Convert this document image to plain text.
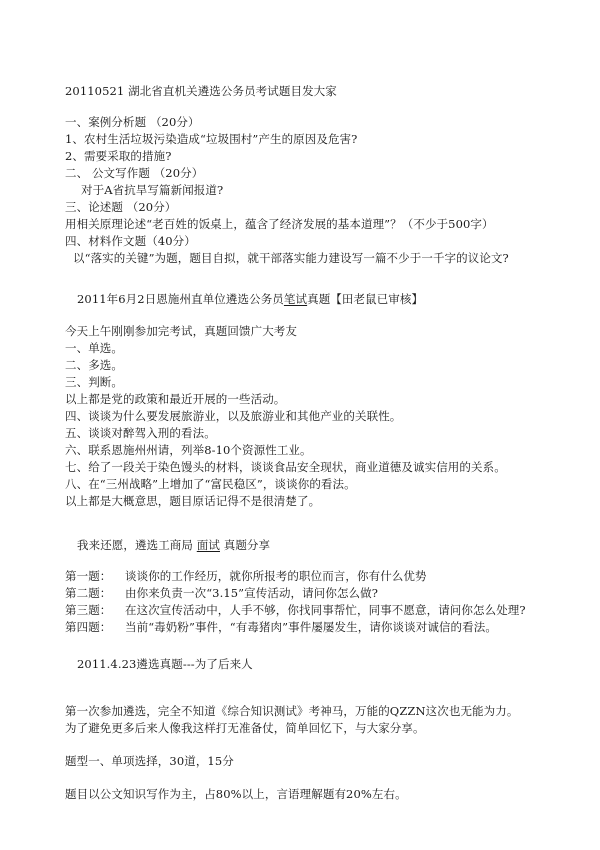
20110521 湖北省直机关遴选公务员考试题目发大家
一、案例分析题 （20分）
1、农村生活垃圾污染造成“垃圾围村”产生的原因及危害?
2、需要采取的措施?
二、 公文写作题 （20分）
对于A省抗旱写篇新闻报道?
三、论述题 （20分）
用相关原理论述“老百姓的饭桌上，蕴含了经济发展的基本道理”？（不少于500字）
四、材料作文题（40分）
以“落实的关键”为题，题目自拟，就干部落实能力建设写一篇不少于一千字的议论文?
2011年6月2日恩施州直单位遴选公务员笔试真题【田老鼠已审核】
今天上午刚刚参加完考试，真题回馈广大考友
一、单选。
二、多选。
三、判断。
以上都是党的政策和最近开展的一些活动。
四、谈谈为什么要发展旅游业，以及旅游业和其他产业的关联性。
五、谈谈对醉驾入刑的看法。
六、联系恩施州州请，列举8-10个资源性工业。
七、给了一段关于染色馒头的材料，谈谈食品安全现状，商业道德及诚实信用的关系。
八、在“三州战略”上增加了“富民稳区”，谈谈你的看法。
以上都是大概意思，题目原话记得不是很清楚了。
我来还愿，遴选工商局 面试 真题分享
第一题： 谈谈你的工作经历，就你所报考的职位而言，你有什么优势
第二题： 由你来负责一次“3.15”宣传活动，请问你怎么做?
第三题： 在这次宣传活动中，人手不够，你找同事帮忙，同事不愿意，请问你怎么处理?
第四题： 当前“毒奶粉”事件，“有毒猪肉”事件屡屡发生，请你谈谈对诚信的看法。
2011.4.23遴选真题---为了后来人
第一次参加遴选，完全不知道《综合知识测试》考神马，万能的QZZN这次也无能为力。
为了避免更多后来人像我这样打无准备仗，简单回忆下，与大家分享。
题型一、单项选择，30道，15分
题目以公文知识写作为主，占80%以上，言语理解题有20%左右。
